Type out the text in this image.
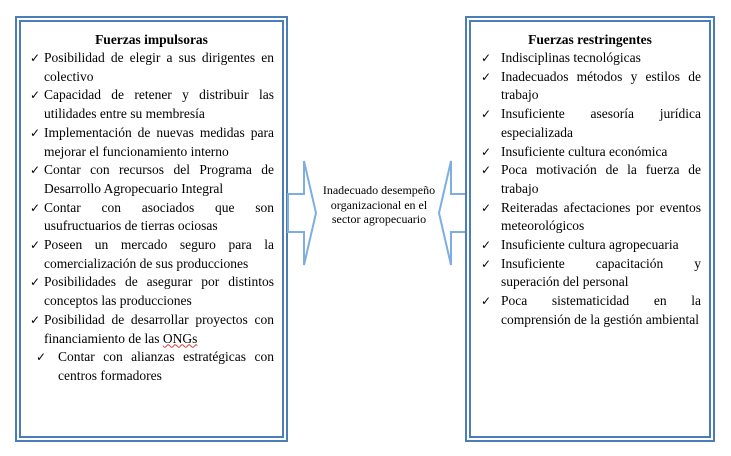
Fuerzas impulsoras
✓ Posibilidad de elegir a sus dirigentes en colectivo
✓ Capacidad de retener y distribuir las utilidades entre su membresía
✓ Implementación de nuevas medidas para mejorar el funcionamiento interno
✓ Contar con recursos del Programa de Desarrollo Agropecuario Integral
✓ Contar con asociados que son usufructuarios de tierras ociosas
✓ Poseen un mercado seguro para la comercialización de sus producciones
✓ Posibilidades de asegurar por distintos conceptos las producciones
✓ Posibilidad de desarrollar proyectos con financiamiento de las ONGs
✓ Contar con alianzas estratégicas con centros formadores
Inadecuado desempeño organizacional en el sector agropecuario
Fuerzas restringentes
✓ Indisciplinas tecnológicas
✓ Inadecuados métodos y estilos de trabajo
✓ Insuficiente asesoría jurídica especializada
✓ Insuficiente cultura económica
✓ Poca motivación de la fuerza de trabajo
✓ Reiteradas afectaciones por eventos meteorológicos
✓ Insuficiente cultura agropecuaria
✓ Insuficiente capacitación y superación del personal
✓ Poca sistematicidad en la comprensión de la gestión ambiental
